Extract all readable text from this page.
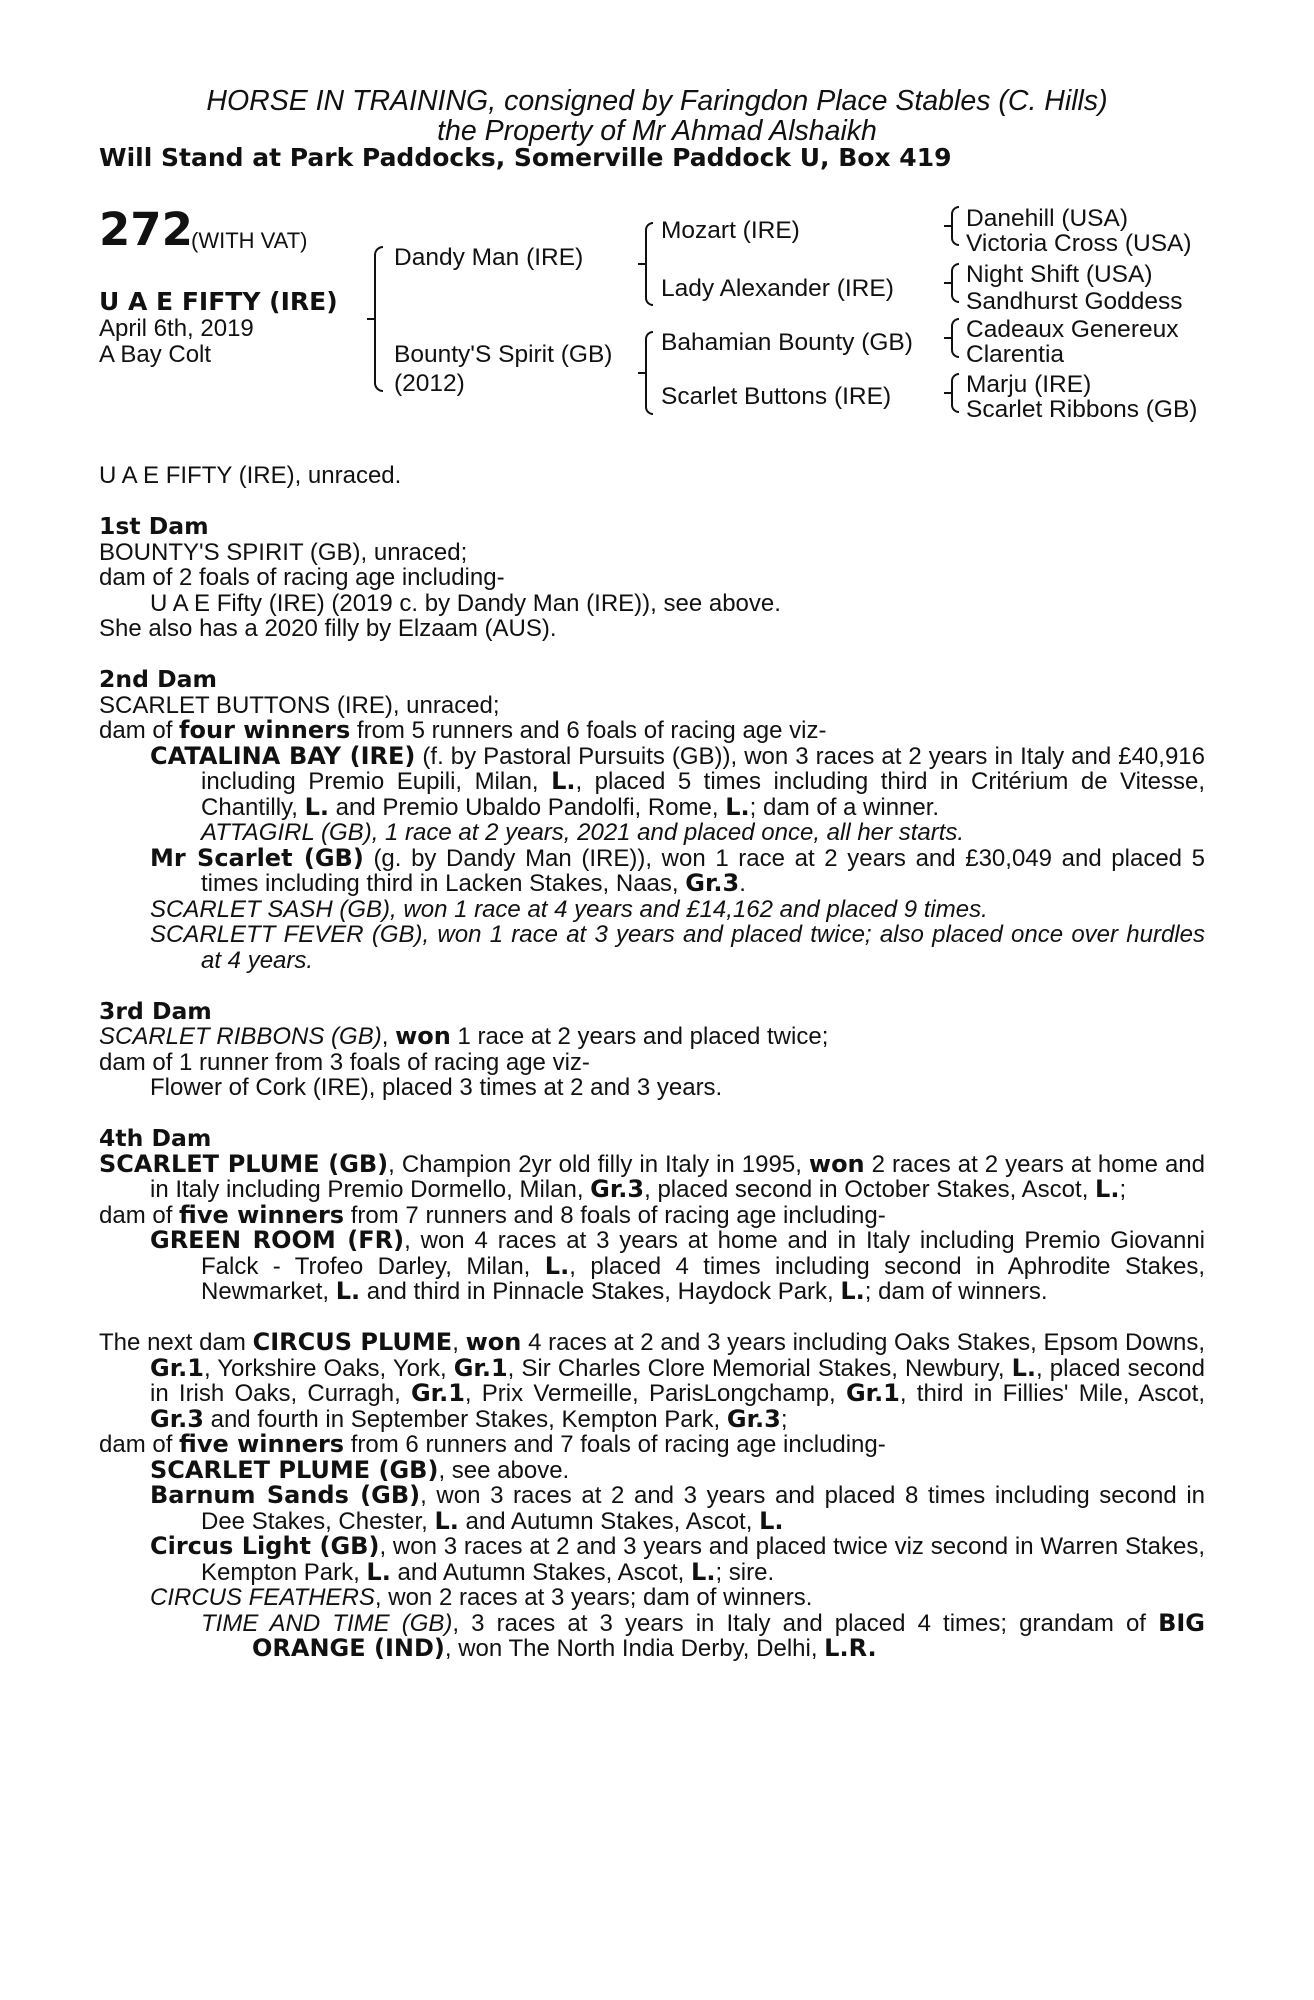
HORSE IN TRAINING, consigned by Faringdon Place Stables (C. Hills)
the Property of Mr Ahmad Alshaikh
Will Stand at Park Paddocks, Somerville Paddock U, Box 419
272
(WITH VAT)
U A E FIFTY (IRE)
April 6th, 2019
A Bay Colt
Dandy Man (IRE)
Bounty'S Spirit (GB)
(2012)
Mozart (IRE)
Lady Alexander (IRE)
Bahamian Bounty (GB)
Scarlet Buttons (IRE)
Danehill (USA)
Victoria Cross (USA)
Night Shift (USA)
Sandhurst Goddess
Cadeaux Genereux
Clarentia
Marju (IRE)
Scarlet Ribbons (GB)

U A E FIFTY (IRE), unraced.

1st Dam

BOUNTY'S SPIRIT (GB), unraced;

dam of 2 foals of racing age including-

U A E Fifty (IRE) (2019 c. by Dandy Man (IRE)), see above.

She also has a 2020 filly by Elzaam (AUS).

2nd Dam

SCARLET BUTTONS (IRE), unraced;

dam of four winners from 5 runners and 6 foals of racing age viz-

CATALINA BAY (IRE) (f. by Pastoral Pursuits (GB)), won 3 races at 2 years in Italy and £40,916 including Premio Eupili, Milan, L., placed 5 times including third in Critérium de Vitesse, Chantilly, L. and Premio Ubaldo Pandolfi, Rome, L.; dam of a winner.

ATTAGIRL (GB), 1 race at 2 years, 2021 and placed once, all her starts.

Mr Scarlet (GB) (g. by Dandy Man (IRE)), won 1 race at 2 years and £30,049 and placed 5 times including third in Lacken Stakes, Naas, Gr.3.

SCARLET SASH (GB), won 1 race at 4 years and £14,162 and placed 9 times.

SCARLETT FEVER (GB), won 1 race at 3 years and placed twice; also placed once over hurdles at 4 years.

3rd Dam

SCARLET RIBBONS (GB), won 1 race at 2 years and placed twice;

dam of 1 runner from 3 foals of racing age viz-

Flower of Cork (IRE), placed 3 times at 2 and 3 years.

4th Dam

SCARLET PLUME (GB), Champion 2yr old filly in Italy in 1995, won 2 races at 2 years at home and in Italy including Premio Dormello, Milan, Gr.3, placed second in October Stakes, Ascot, L.;

dam of five winners from 7 runners and 8 foals of racing age including-

GREEN ROOM (FR), won 4 races at 3 years at home and in Italy including Premio Giovanni Falck - Trofeo Darley, Milan, L., placed 4 times including second in Aphrodite Stakes, Newmarket, L. and third in Pinnacle Stakes, Haydock Park, L.; dam of winners.

The next dam CIRCUS PLUME, won 4 races at 2 and 3 years including Oaks Stakes, Epsom Downs, Gr.1, Yorkshire Oaks, York, Gr.1, Sir Charles Clore Memorial Stakes, Newbury, L., placed second in Irish Oaks, Curragh, Gr.1, Prix Vermeille, ParisLongchamp, Gr.1, third in Fillies' Mile, Ascot, Gr.3 and fourth in September Stakes, Kempton Park, Gr.3;

dam of five winners from 6 runners and 7 foals of racing age including-

SCARLET PLUME (GB), see above.

Barnum Sands (GB), won 3 races at 2 and 3 years and placed 8 times including second in Dee Stakes, Chester, L. and Autumn Stakes, Ascot, L.

Circus Light (GB), won 3 races at 2 and 3 years and placed twice viz second in Warren Stakes, Kempton Park, L. and Autumn Stakes, Ascot, L.; sire.

CIRCUS FEATHERS, won 2 races at 3 years; dam of winners.

TIME AND TIME (GB), 3 races at 3 years in Italy and placed 4 times; grandam of BIG ORANGE (IND), won The North India Derby, Delhi, L.R.
